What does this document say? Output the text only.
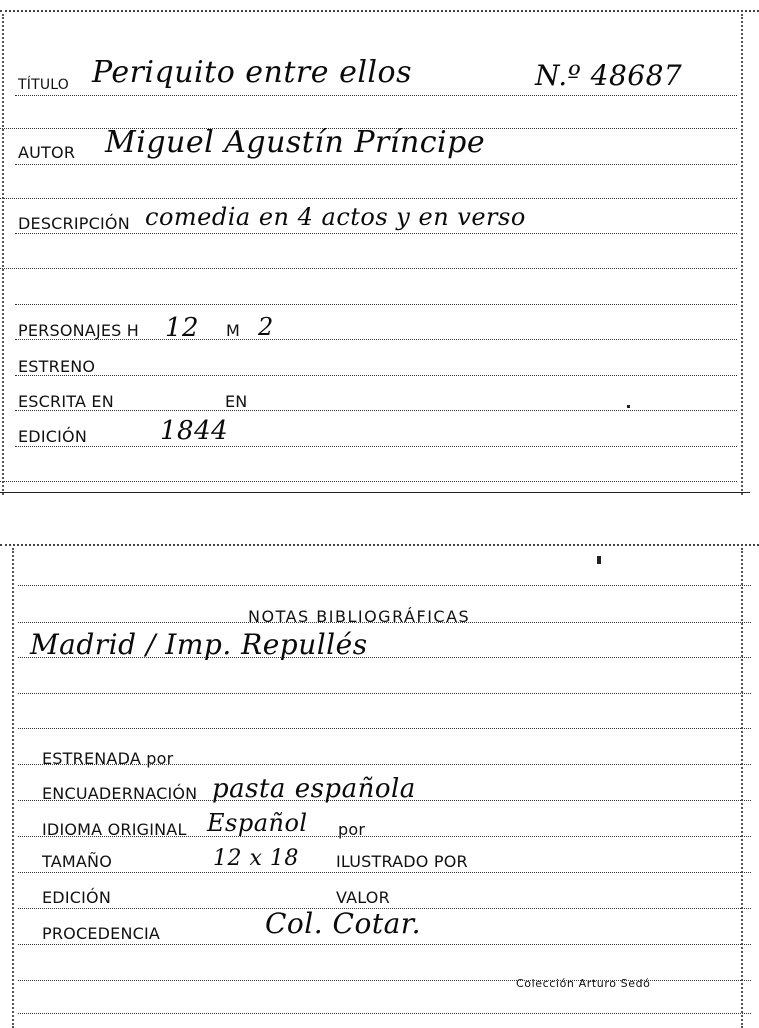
TÍTULO Periquito entre ellos	N.º 48687
AUTOR Miguel Agustín Príncipe
DESCRIPCIÓN comedia en 4 actos y en verso
PERSONAJES H 12 M 2
ESTRENO
ESCRITA EN	EN
EDICIÓN	1844
NOTAS BIBLIOGRÁFICAS
Madrid / Imp. Repullés
ESTRENADA por
ENCUADERNACIÓN pasta española
IDIOMA ORIGINAL Español por
TAMAÑO	12 x 18 ILUSTRADO POR
EDICIÓN	VALOR
PROCEDENCIA	Col. Cotar.
Colección Arturo Sedó
